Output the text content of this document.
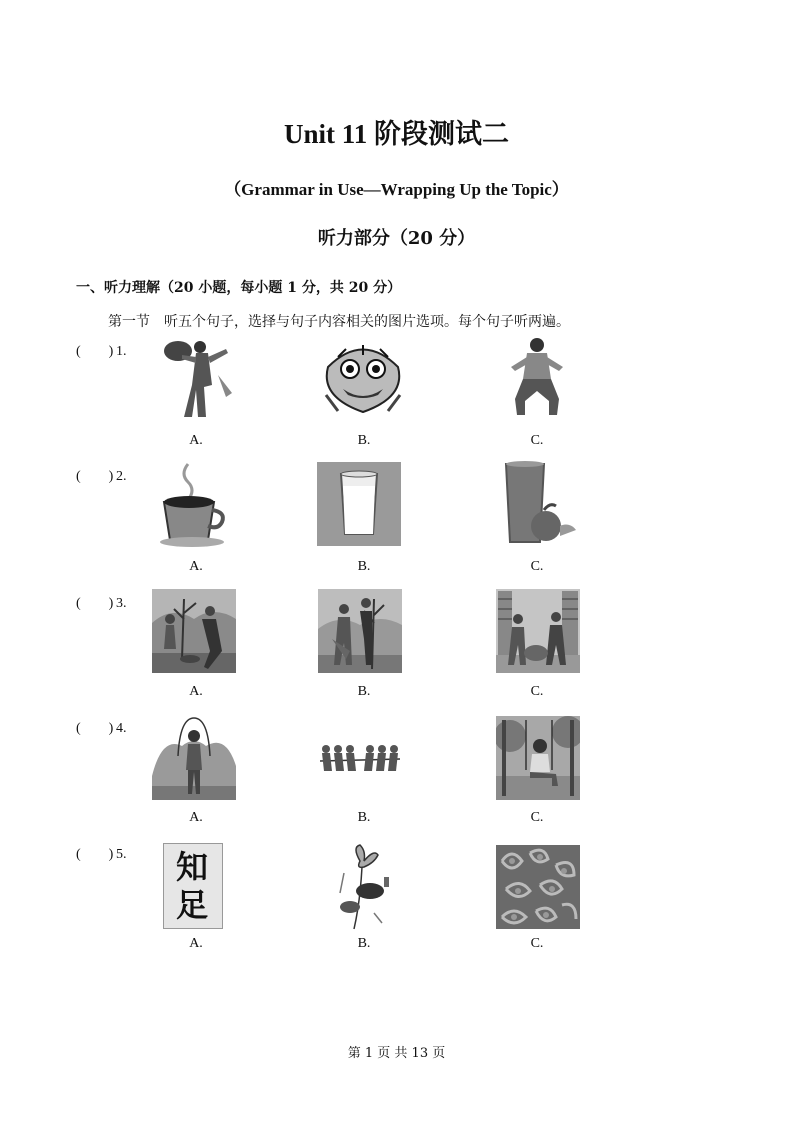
Unit 11 阶段测试二
（Grammar in Use—Wrapping Up the Topic）
听力部分（20 分）
一、听力理解（20 小题，每小题 1 分，共 20 分）
第一节　听五个句子，选择与句子内容相关的图片选项。每个句子听两遍。
(　　) 1.
A.	B.	C.
(　　) 2.
A.	B.	C.
(　　) 3.
A.	B.	C.
(　　) 4.
A.	B.	C.
(　　) 5. 知足
A.	B.	C.
第 1 页 共 13 页
